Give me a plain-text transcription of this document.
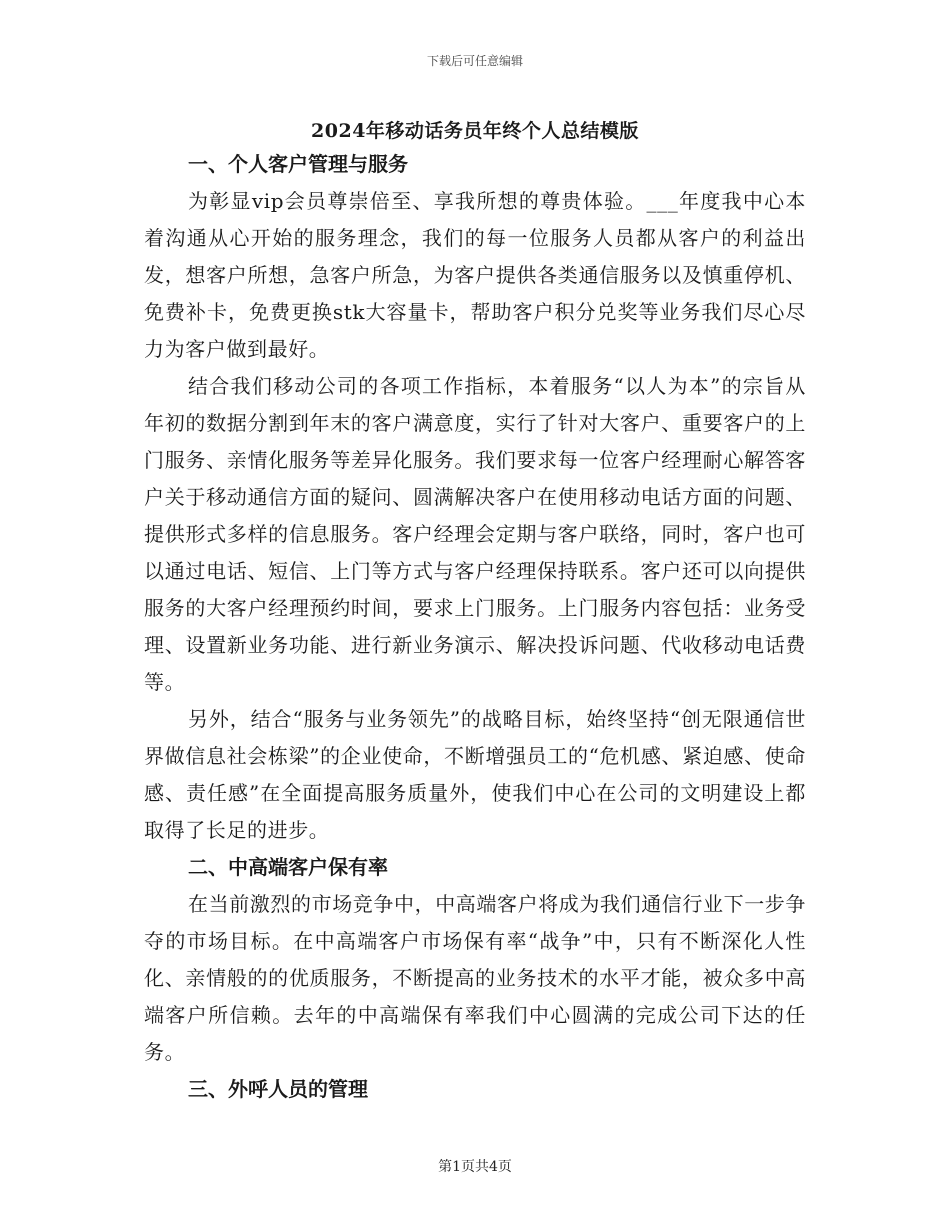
下载后可任意编辑
2024年移动话务员年终个人总结模版

一、个人客户管理与服务

为彰显vip会员尊崇倍至、享我所想的尊贵体验。___年度我中心本着沟通从心开始的服务理念，我们的每一位服务人员都从客户的利益出发，想客户所想，急客户所急，为客户提供各类通信服务以及慎重停机、免费补卡，免费更换stk大容量卡，帮助客户积分兑奖等业务我们尽心尽力为客户做到最好。

结合我们移动公司的各项工作指标，本着服务“以人为本”的宗旨从年初的数据分割到年末的客户满意度，实行了针对大客户、重要客户的上门服务、亲情化服务等差异化服务。我们要求每一位客户经理耐心解答客户关于移动通信方面的疑问、圆满解决客户在使用移动电话方面的问题、提供形式多样的信息服务。客户经理会定期与客户联络，同时，客户也可以通过电话、短信、上门等方式与客户经理保持联系。客户还可以向提供服务的大客户经理预约时间，要求上门服务。上门服务内容包括：业务受理、设置新业务功能、进行新业务演示、解决投诉问题、代收移动电话费等。

另外，结合“服务与业务领先”的战略目标，始终坚持“创无限通信世界做信息社会栋梁”的企业使命，不断增强员工的“危机感、紧迫感、使命感、责任感”在全面提高服务质量外，使我们中心在公司的文明建设上都取得了长足的进步。

二、中高端客户保有率

在当前激烈的市场竞争中，中高端客户将成为我们通信行业下一步争夺的市场目标。在中高端客户市场保有率“战争”中，只有不断深化人性化、亲情般的的优质服务，不断提高的业务技术的水平才能，被众多中高端客户所信赖。去年的中高端保有率我们中心圆满的完成公司下达的任务。

三、外呼人员的管理

第1页共4页
